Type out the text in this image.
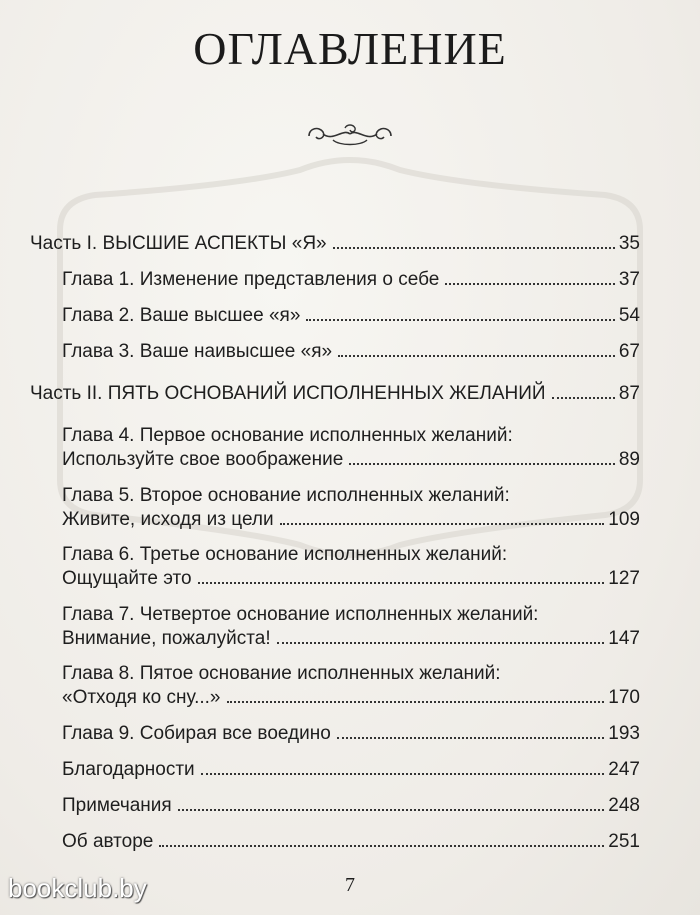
ОГЛАВЛЕНИЕ
Часть I. ВЫСШИЕ АСПЕКТЫ «Я»	35
Глава 1. Изменение представления о себе	37
Глава 2. Ваше высшее «я»	54
Глава 3. Ваше наивысшее «я»	67
Часть II. ПЯТЬ ОСНОВАНИЙ ИСПОЛНЕННЫХ ЖЕЛАНИЙ	87
Глава 4. Первое основание исполненных желаний:
Используйте свое воображение	89
Глава 5. Второе основание исполненных желаний:
Живите, исходя из цели	109
Глава 6. Третье основание исполненных желаний:
Ощущайте это	127
Глава 7. Четвертое основание исполненных желаний:
Внимание, пожалуйста!	147
Глава 8. Пятое основание исполненных желаний:
«Отходя ко сну...»	170
Глава 9. Собирая все воедино	193
Благодарности	247
Примечания	248
Об авторе	251
7
bookclub.by
